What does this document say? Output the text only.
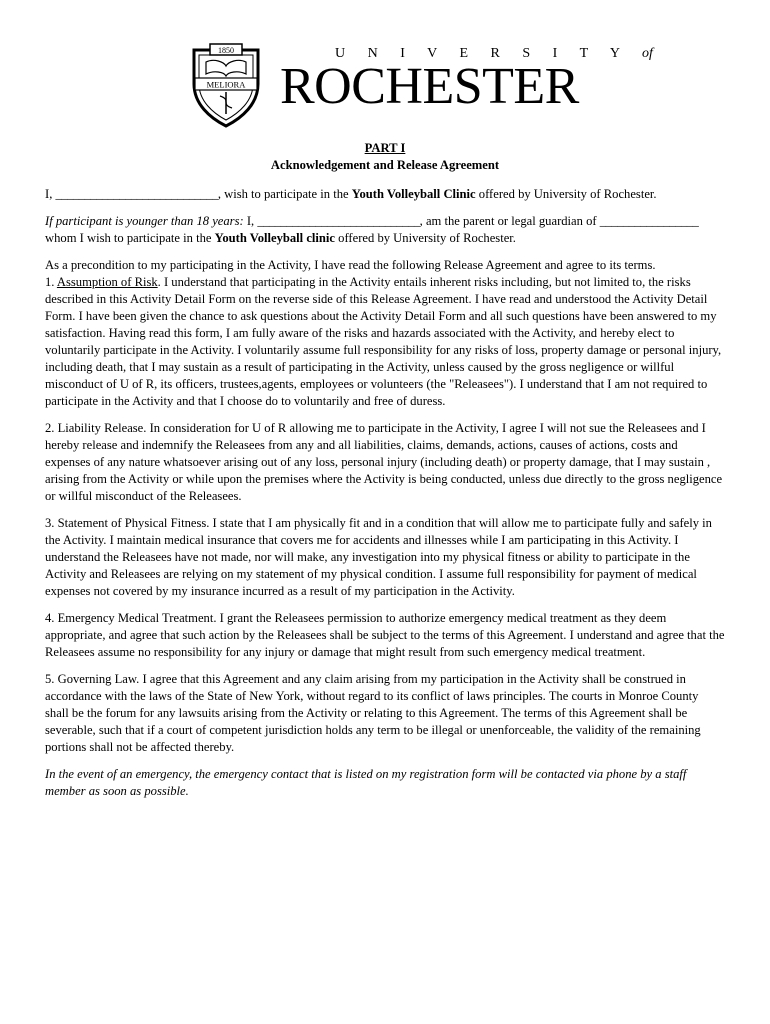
1850
MELIORA
U N I V E R S I T Y of
ROCHESTER
PART I
Acknowledgement and Release Agreement

I, ____________________________, wish to participate in the Youth Volleyball Clinic offered by University of Rochester.

If participant is younger than 18 years: I, ____________________________, am the parent or legal guardian of _________________ whom I wish to participate in the Youth Volleyball clinic offered by University of Rochester.

As a precondition to my participating in the Activity, I have read the following Release Agreement and agree to its terms.
1. Assumption of Risk. I understand that participating in the Activity entails inherent risks including, but not limited to, the risks described in this Activity Detail Form on the reverse side of this Release Agreement. I have read and understood the Activity Detail Form. I have been given the chance to ask questions about the Activity Detail Form and all such questions have been answered to my satisfaction. Having read this form, I am fully aware of the risks and hazards associated with the Activity, and hereby elect to voluntarily participate in the Activity. I voluntarily assume full responsibility for any risks of loss, property damage or personal injury, including death, that I may sustain as a result of participating in the Activity, unless caused by the gross negligence or willful misconduct of U of R, its officers, trustees,agents, employees or volunteers (the "Releasees"). I understand that I am not required to participate in the Activity and that I choose do to voluntarily and free of duress.

2. Liability Release. In consideration for U of R allowing me to participate in the Activity, I agree I will not sue the Releasees and I hereby release and indemnify the Releasees from any and all liabilities, claims, demands, actions, causes of actions, costs and expenses of any nature whatsoever arising out of any loss, personal injury (including death) or property damage, that I may sustain , arising from the Activity or while upon the premises where the Activity is being conducted, unless due directly to the gross negligence or willful misconduct of the Releasees.

3. Statement of Physical Fitness. I state that I am physically fit and in a condition that will allow me to participate fully and safely in the Activity. I maintain medical insurance that covers me for accidents and illnesses while I am participating in this Activity. I understand the Releasees have not made, nor will make, any investigation into my physical fitness or ability to participate in the Activity and Releasees are relying on my statement of my physical condition. I assume full responsibility for payment of medical expenses not covered by my insurance incurred as a result of my participation in the Activity.

4. Emergency Medical Treatment. I grant the Releasees permission to authorize emergency medical treatment as they deem appropriate, and agree that such action by the Releasees shall be subject to the terms of this Agreement. I understand and agree that the Releasees assume no responsibility for any injury or damage that might result from such emergency medical treatment.

5. Governing Law. I agree that this Agreement and any claim arising from my participation in the Activity shall be construed in accordance with the laws of the State of New York, without regard to its conflict of laws principles. The courts in Monroe County shall be the forum for any lawsuits arising from the Activity or relating to this Agreement. The terms of this Agreement shall be severable, such that if a court of competent jurisdiction holds any term to be illegal or unenforceable, the validity of the remaining portions shall not be affected thereby.

In the event of an emergency, the emergency contact that is listed on my registration form will be contacted via phone by a staff member as soon as possible.
